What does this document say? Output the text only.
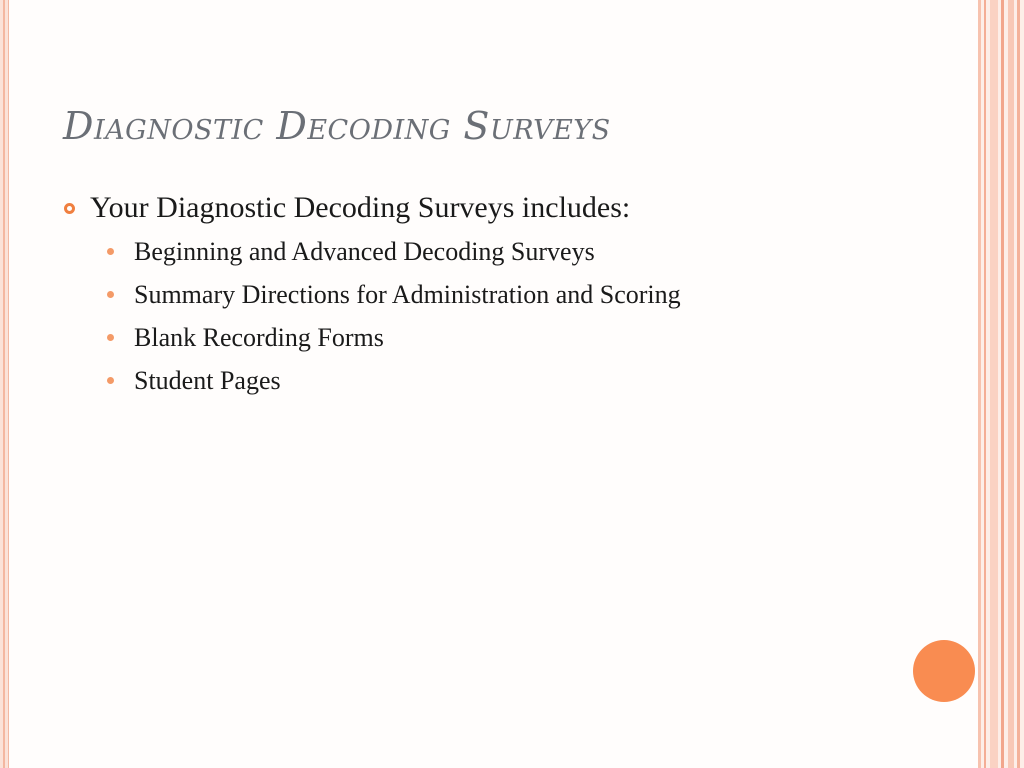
Diagnostic Decoding Surveys
Your Diagnostic Decoding Surveys includes:
Beginning and Advanced Decoding Surveys
Summary Directions for Administration and Scoring
Blank Recording Forms
Student Pages
